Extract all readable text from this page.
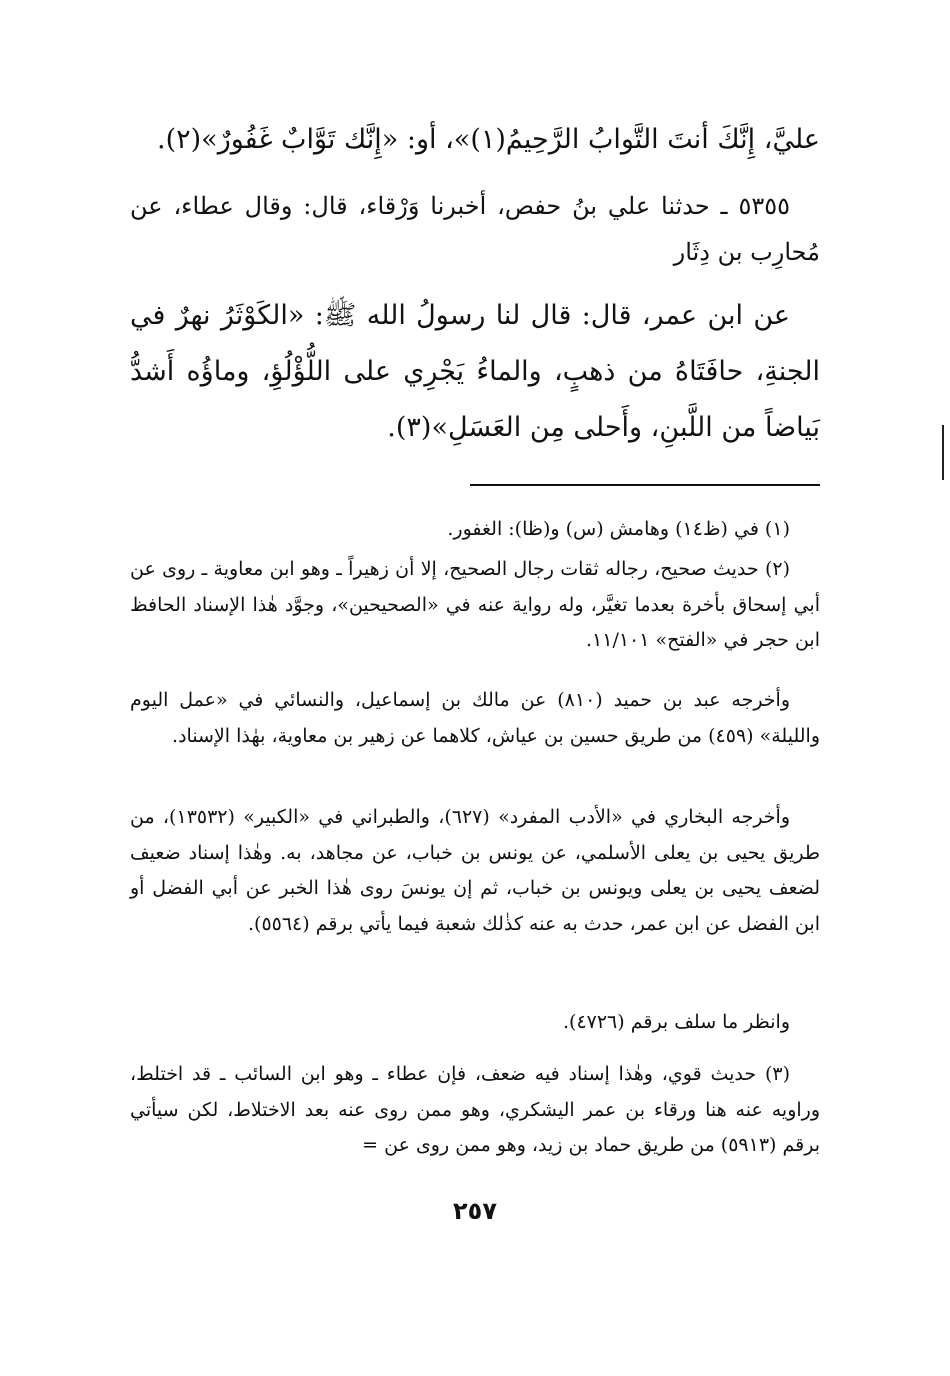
عليَّ، إِنَّكَ أنتَ التَّوابُ الرَّحِيمُ(١)»، أو: «إِنَّك تَوَّابٌ غَفُورٌ»(٢).

٥٣٥٥ ـ حدثنا علي بنُ حفص، أخبرنا وَرْقاء، قال: وقال عطاء، عن مُحارِب بن دِثَار

عن ابن عمر، قال: قال لنا رسولُ الله ﷺ: «الكَوْثَرُ نهرٌ في الجنةِ، حافَتَاهُ من ذهبٍ، والماءُ يَجْرِي على اللُّؤْلُؤِ، وماؤُه أَشدُّ بَياضاً من اللَّبنِ، وأَحلى مِن العَسَلِ»(٣).

(١) في (ظ١٤) وهامش (س) و(ظا): الغفور.

(٢) حديث صحيح، رجاله ثقات رجال الصحيح، إلا أن زهيراً ـ وهو ابن معاوية ـ روى عن أبي إسحاق بأخرة بعدما تغيَّر، وله رواية عنه في «الصحيحين»، وجوَّد هٰذا الإسناد الحافظ ابن حجر في «الفتح» ١١/١٠١.

وأخرجه عبد بن حميد (٨١٠) عن مالك بن إسماعيل، والنسائي في «عمل اليوم والليلة» (٤٥٩) من طريق حسين بن عياش، كلاهما عن زهير بن معاوية، بهٰذا الإسناد.

وأخرجه البخاري في «الأدب المفرد» (٦٢٧)، والطبراني في «الكبير» (١٣٥٣٢)، من طريق يحيى بن يعلى الأسلمي، عن يونس بن خباب، عن مجاهد، به. وهٰذا إسناد ضعيف لضعف يحيى بن يعلى ويونس بن خباب، ثم إن يونسَ روى هٰذا الخبر عن أبي الفضل أو ابن الفضل عن ابن عمر، حدث به عنه كذٰلك شعبة فيما يأتي برقم (٥٥٦٤).

وانظر ما سلف برقم (٤٧٢٦).

(٣) حديث قوي، وهٰذا إسناد فيه ضعف، فإن عطاء ـ وهو ابن السائب ـ قد اختلط، وراويه عنه هنا ورقاء بن عمر اليشكري، وهو ممن روى عنه بعد الاختلاط، لكن سيأتي برقم (٥٩١٣) من طريق حماد بن زيد، وهو ممن روى عن =

٢٥٧
